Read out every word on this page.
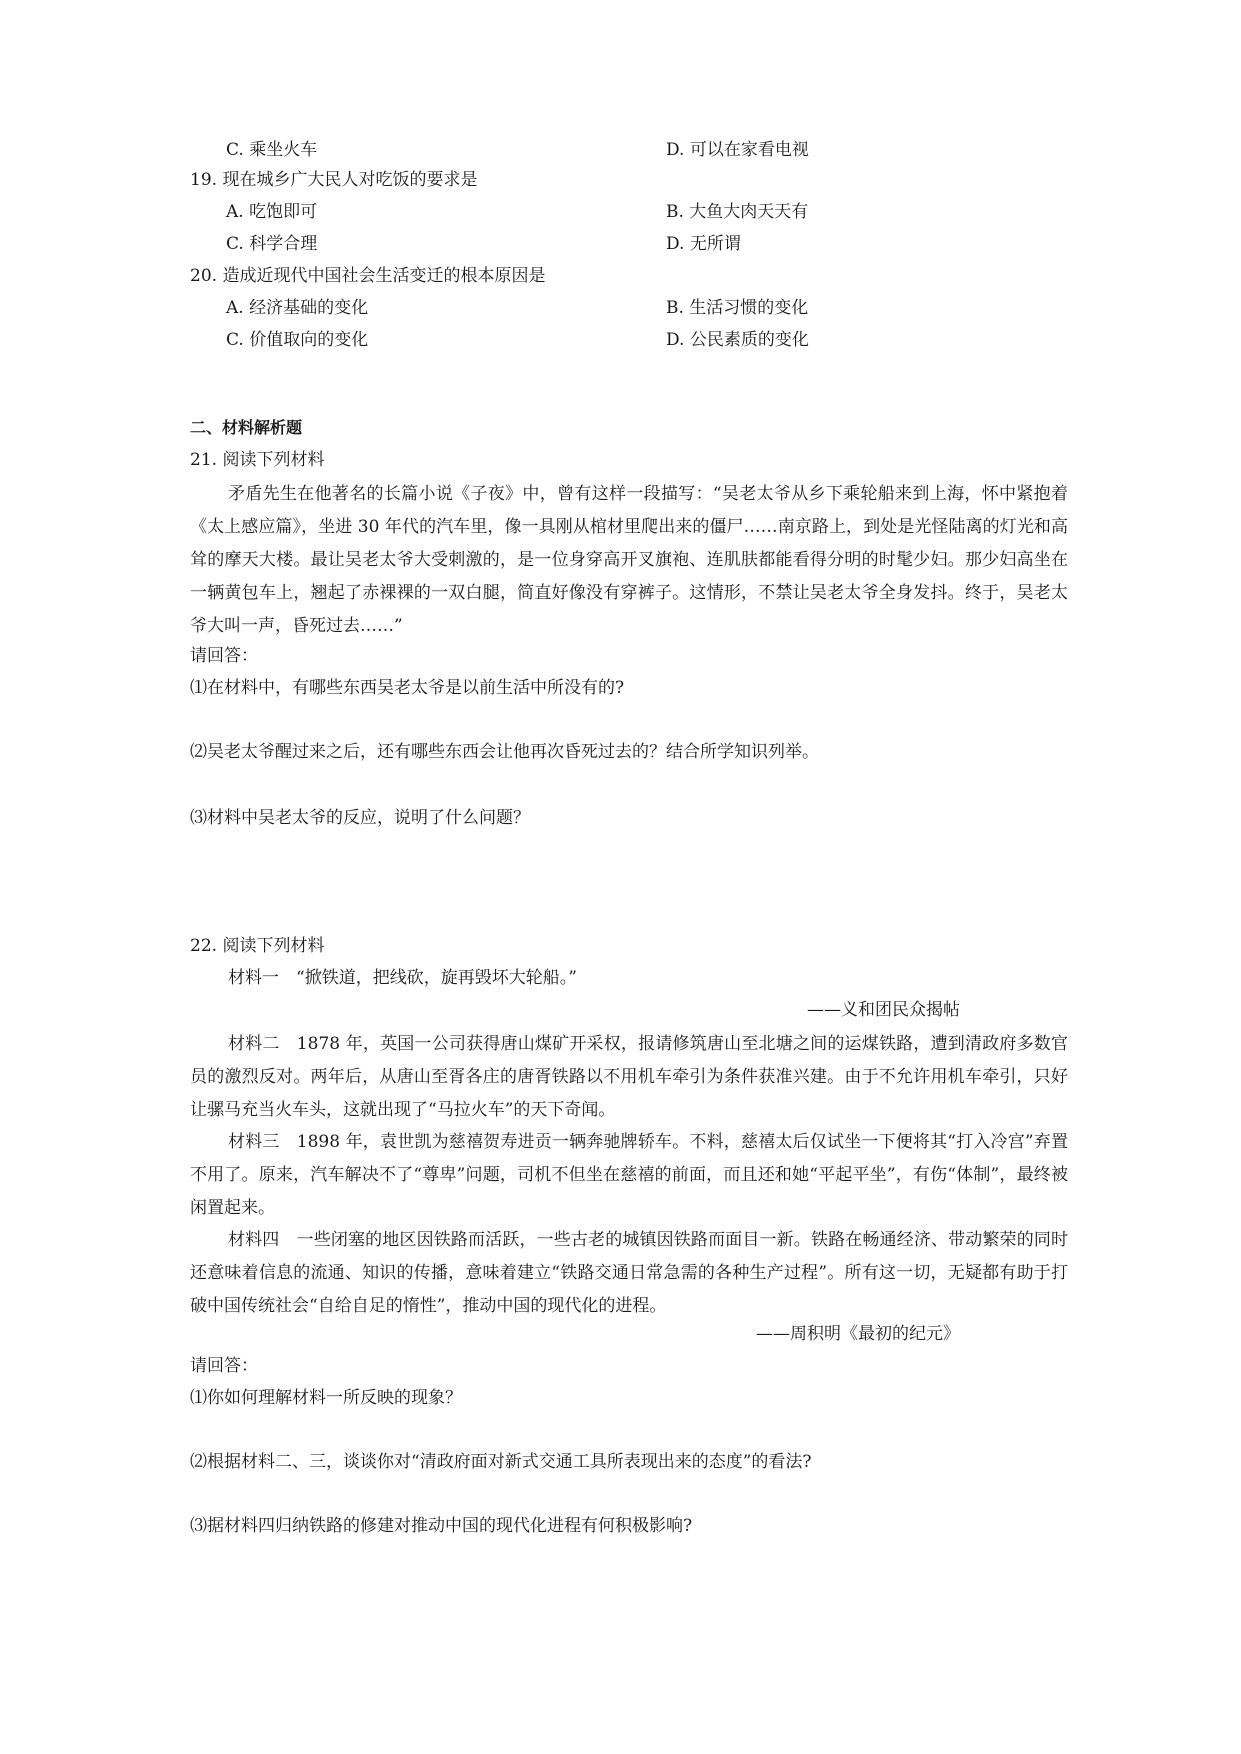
C. 乘坐火车	D. 可以在家看电视
19. 现在城乡广大民人对吃饭的要求是
A. 吃饱即可	B. 大鱼大肉天天有
C. 科学合理	D. 无所谓
20. 造成近现代中国社会生活变迁的根本原因是
A. 经济基础的变化	B. 生活习惯的变化
C. 价值取向的变化	D. 公民素质的变化
二、材料解析题
21. 阅读下列材料
矛盾先生在他著名的长篇小说《子夜》中，曾有这样一段描写：“吴老太爷从乡下乘轮船来到上海，怀中紧抱着《太上感应篇》，坐进 30 年代的汽车里，像一具刚从棺材里爬出来的僵尸……南京路上，到处是光怪陆离的灯光和高耸的摩天大楼。最让吴老太爷大受刺激的，是一位身穿高开叉旗袍、连肌肤都能看得分明的时髦少妇。那少妇高坐在一辆黄包车上，翘起了赤裸裸的一双白腿，简直好像没有穿裤子。这情形，不禁让吴老太爷全身发抖。终于，吴老太爷大叫一声，昏死过去……”
请回答：
⑴在材料中，有哪些东西吴老太爷是以前生活中所没有的?
⑵吴老太爷醒过来之后，还有哪些东西会让他再次昏死过去的？结合所学知识列举。
⑶材料中吴老太爷的反应，说明了什么问题？
22. 阅读下列材料
材料一　“掀铁道，把线砍，旋再毁坏大轮船。”
——义和团民众揭帖
材料二　1878 年，英国一公司获得唐山煤矿开采权，报请修筑唐山至北塘之间的运煤铁路，遭到清政府多数官员的激烈反对。两年后，从唐山至胥各庄的唐胥铁路以不用机车牵引为条件获准兴建。由于不允许用机车牵引，只好让骡马充当火车头，这就出现了“马拉火车”的天下奇闻。
材料三　1898 年，袁世凯为慈禧贺寿进贡一辆奔驰牌轿车。不料，慈禧太后仅试坐一下便将其“打入冷宫”弃置不用了。原来，汽车解决不了“尊卑”问题，司机不但坐在慈禧的前面，而且还和她“平起平坐”，有伤“体制”，最终被闲置起来。
材料四　一些闭塞的地区因铁路而活跃，一些古老的城镇因铁路而面目一新。铁路在畅通经济、带动繁荣的同时还意味着信息的流通、知识的传播，意味着建立“铁路交通日常急需的各种生产过程”。所有这一切，无疑都有助于打破中国传统社会“自给自足的惰性”，推动中国的现代化的进程。
——周积明《最初的纪元》
请回答：
⑴你如何理解材料一所反映的现象？
⑵根据材料二、三，谈谈你对“清政府面对新式交通工具所表现出来的态度”的看法?
⑶据材料四归纳铁路的修建对推动中国的现代化进程有何积极影响?
